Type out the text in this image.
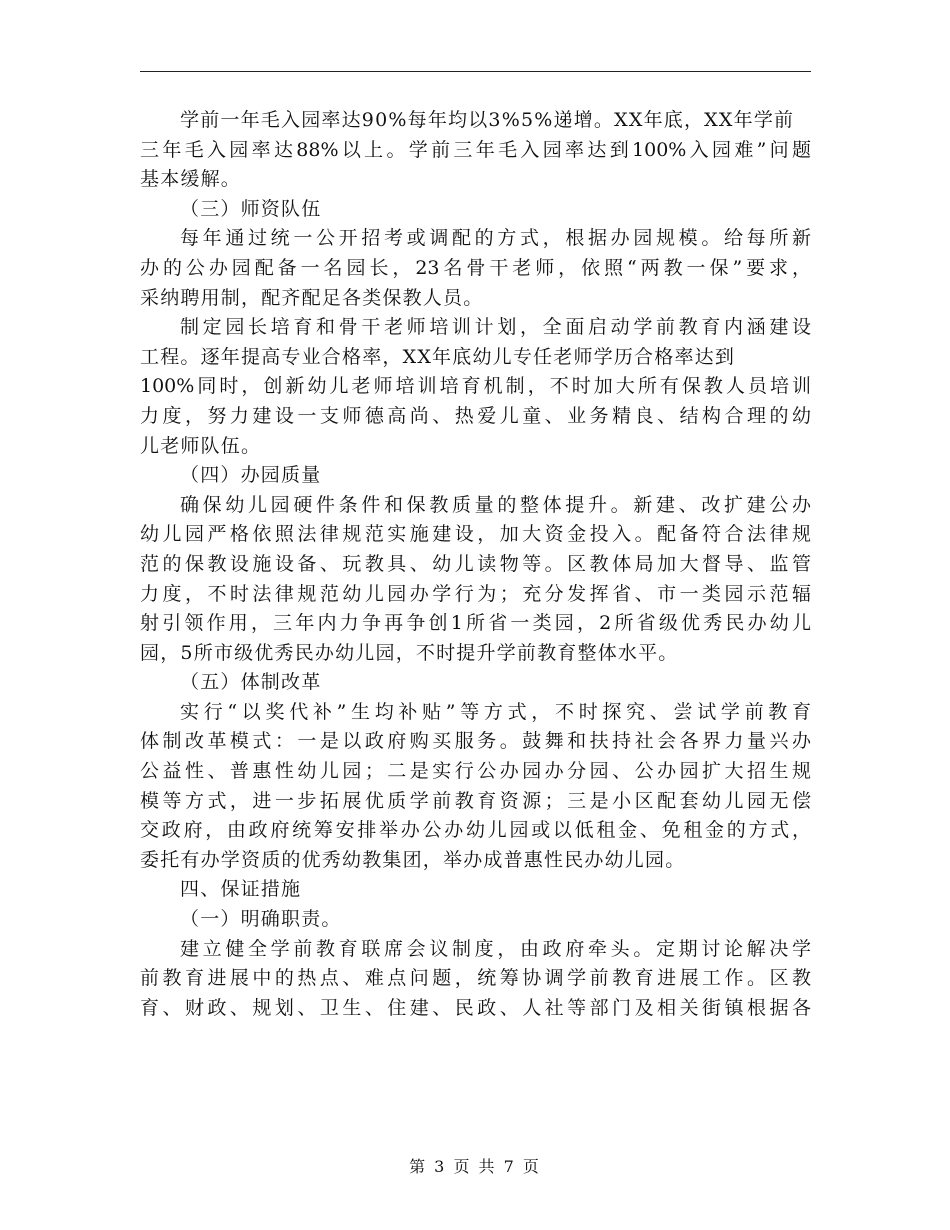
学前一年毛入园率达90%每年均以3%5%递增。XX年底，XX年学前
三年毛入园率达88%以上。学前三年毛入园率达到100%入园难”问题
基本缓解。
（三）师资队伍
每年通过统一公开招考或调配的方式，根据办园规模。给每所新
办的公办园配备一名园长，23名骨干老师，依照“两教一保”要求，
采纳聘用制，配齐配足各类保教人员。
制定园长培育和骨干老师培训计划，全面启动学前教育内涵建设
工程。逐年提高专业合格率，XX年底幼儿专任老师学历合格率达到
100%同时，创新幼儿老师培训培育机制，不时加大所有保教人员培训
力度，努力建设一支师德高尚、热爱儿童、业务精良、结构合理的幼
儿老师队伍。
（四）办园质量
确保幼儿园硬件条件和保教质量的整体提升。新建、改扩建公办
幼儿园严格依照法律规范实施建设，加大资金投入。配备符合法律规
范的保教设施设备、玩教具、幼儿读物等。区教体局加大督导、监管
力度，不时法律规范幼儿园办学行为；充分发挥省、市一类园示范辐
射引领作用，三年内力争再争创1所省一类园，2所省级优秀民办幼儿
园，5所市级优秀民办幼儿园，不时提升学前教育整体水平。
（五）体制改革
实行“以奖代补”生均补贴”等方式，不时探究、尝试学前教育
体制改革模式：一是以政府购买服务。鼓舞和扶持社会各界力量兴办
公益性、普惠性幼儿园；二是实行公办园办分园、公办园扩大招生规
模等方式，进一步拓展优质学前教育资源；三是小区配套幼儿园无偿
交政府，由政府统筹安排举办公办幼儿园或以低租金、免租金的方式，
委托有办学资质的优秀幼教集团，举办成普惠性民办幼儿园。
四、保证措施
（一）明确职责。
建立健全学前教育联席会议制度，由政府牵头。定期讨论解决学
前教育进展中的热点、难点问题，统筹协调学前教育进展工作。区教
育、财政、规划、卫生、住建、民政、人社等部门及相关街镇根据各
第 3 页 共 7 页
